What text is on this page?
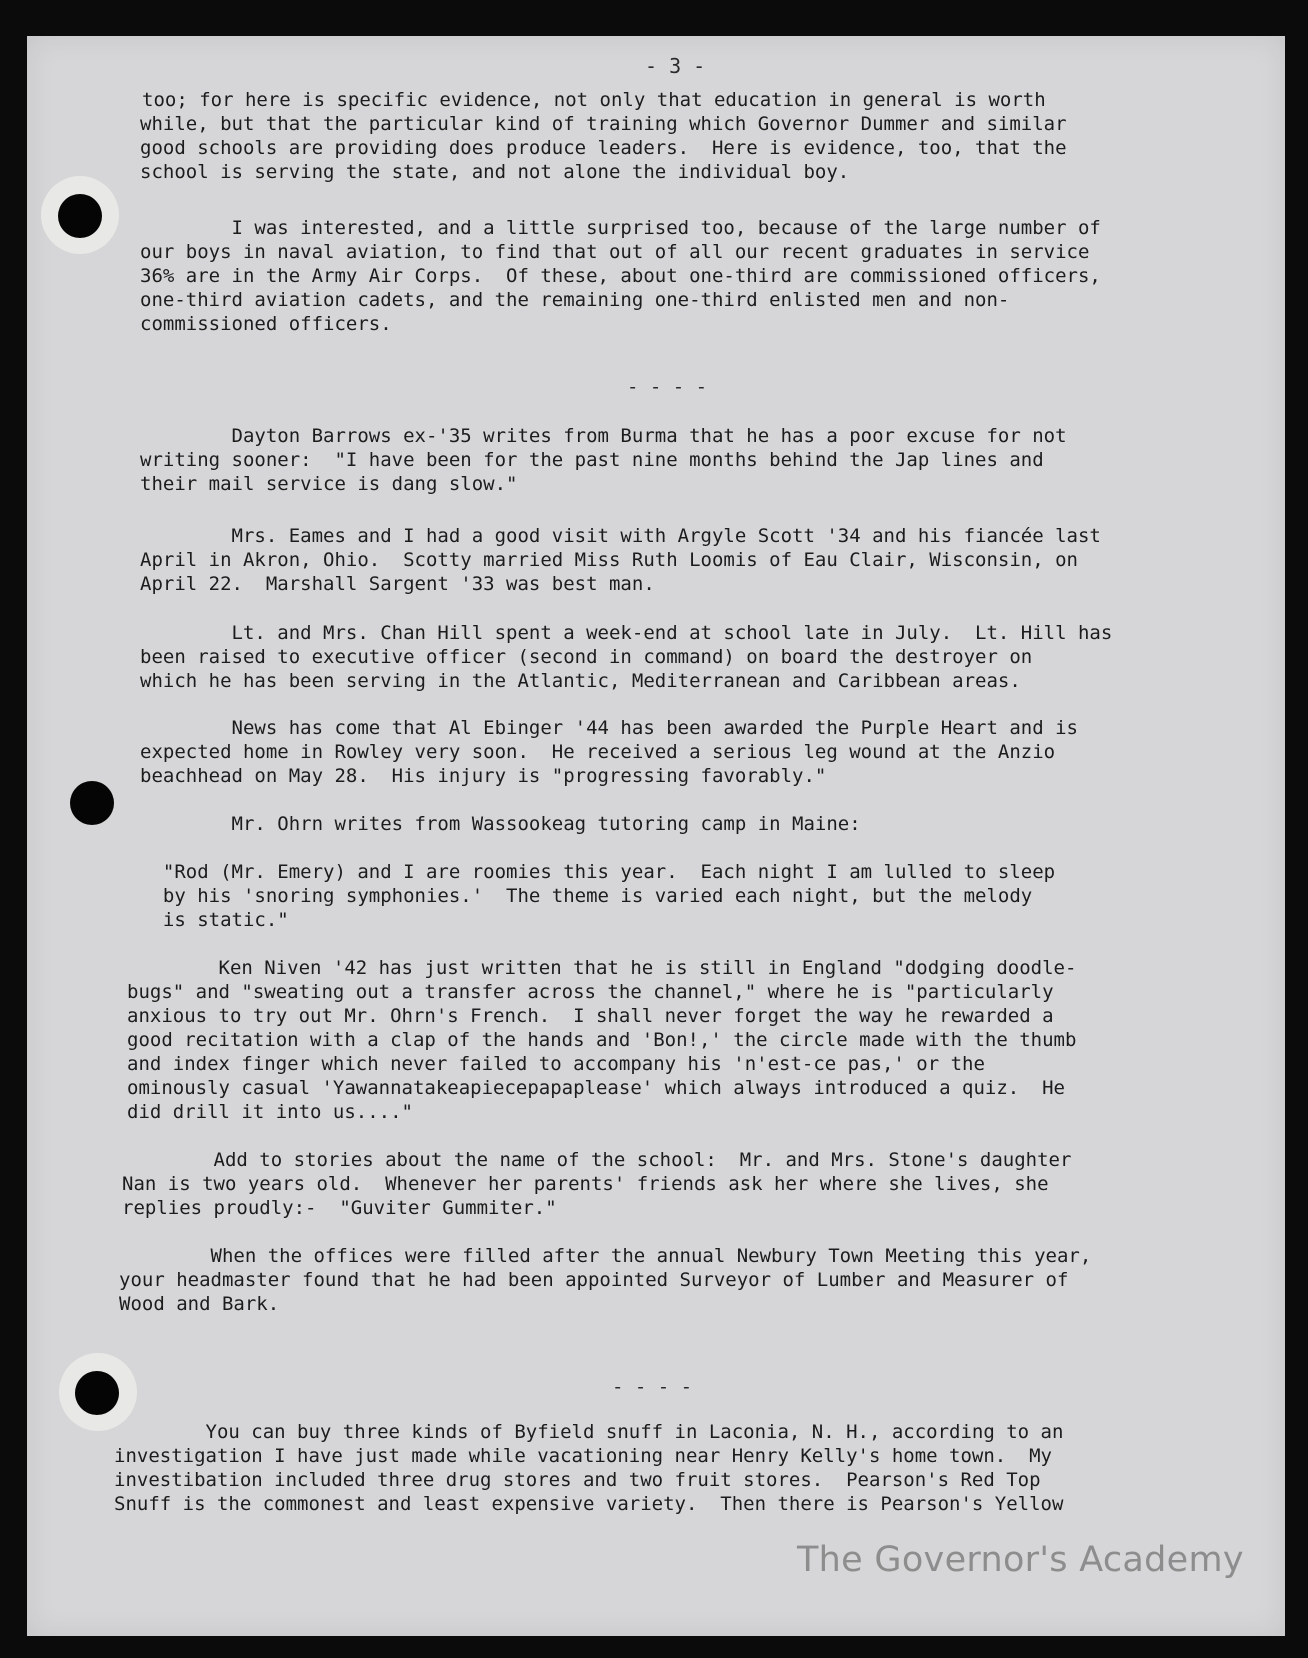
- 3 -
too; for here is specific evidence, not only that education in general is worth
while, but that the particular kind of training which Governor Dummer and similar
good schools are providing does produce leaders.  Here is evidence, too, that the
school is serving the state, and not alone the individual boy.
I was interested, and a little surprised too, because of the large number of
our boys in naval aviation, to find that out of all our recent graduates in service
36% are in the Army Air Corps.  Of these, about one-third are commissioned officers,
one-third aviation cadets, and the remaining one-third enlisted men and non-
commissioned officers.
- - - -
Dayton Barrows ex-'35 writes from Burma that he has a poor excuse for not
writing sooner:  "I have been for the past nine months behind the Jap lines and
their mail service is dang slow."
Mrs. Eames and I had a good visit with Argyle Scott '34 and his fiancée last
April in Akron, Ohio.  Scotty married Miss Ruth Loomis of Eau Clair, Wisconsin, on
April 22.  Marshall Sargent '33 was best man.
Lt. and Mrs. Chan Hill spent a week-end at school late in July.  Lt. Hill has
been raised to executive officer (second in command) on board the destroyer on
which he has been serving in the Atlantic, Mediterranean and Caribbean areas.
News has come that Al Ebinger '44 has been awarded the Purple Heart and is
expected home in Rowley very soon.  He received a serious leg wound at the Anzio
beachhead on May 28.  His injury is "progressing favorably."
Mr. Ohrn writes from Wassookeag tutoring camp in Maine:
"Rod (Mr. Emery) and I are roomies this year.  Each night I am lulled to sleep
by his 'snoring symphonies.'  The theme is varied each night, but the melody
is static."
Ken Niven '42 has just written that he is still in England "dodging doodle-
bugs" and "sweating out a transfer across the channel," where he is "particularly
anxious to try out Mr. Ohrn's French.  I shall never forget the way he rewarded a
good recitation with a clap of the hands and 'Bon!,' the circle made with the thumb
and index finger which never failed to accompany his 'n'est-ce pas,' or the
ominously casual 'Yawannatakeapiecepapaplease' which always introduced a quiz.  He
did drill it into us...."
Add to stories about the name of the school:  Mr. and Mrs. Stone's daughter
Nan is two years old.  Whenever her parents' friends ask her where she lives, she
replies proudly:-  "Guviter Gummiter."
When the offices were filled after the annual Newbury Town Meeting this year,
your headmaster found that he had been appointed Surveyor of Lumber and Measurer of
Wood and Bark.
- - - -
You can buy three kinds of Byfield snuff in Laconia, N. H., according to an
investigation I have just made while vacationing near Henry Kelly's home town.  My
investibation included three drug stores and two fruit stores.  Pearson's Red Top
Snuff is the commonest and least expensive variety.  Then there is Pearson's Yellow
The Governor's Academy
